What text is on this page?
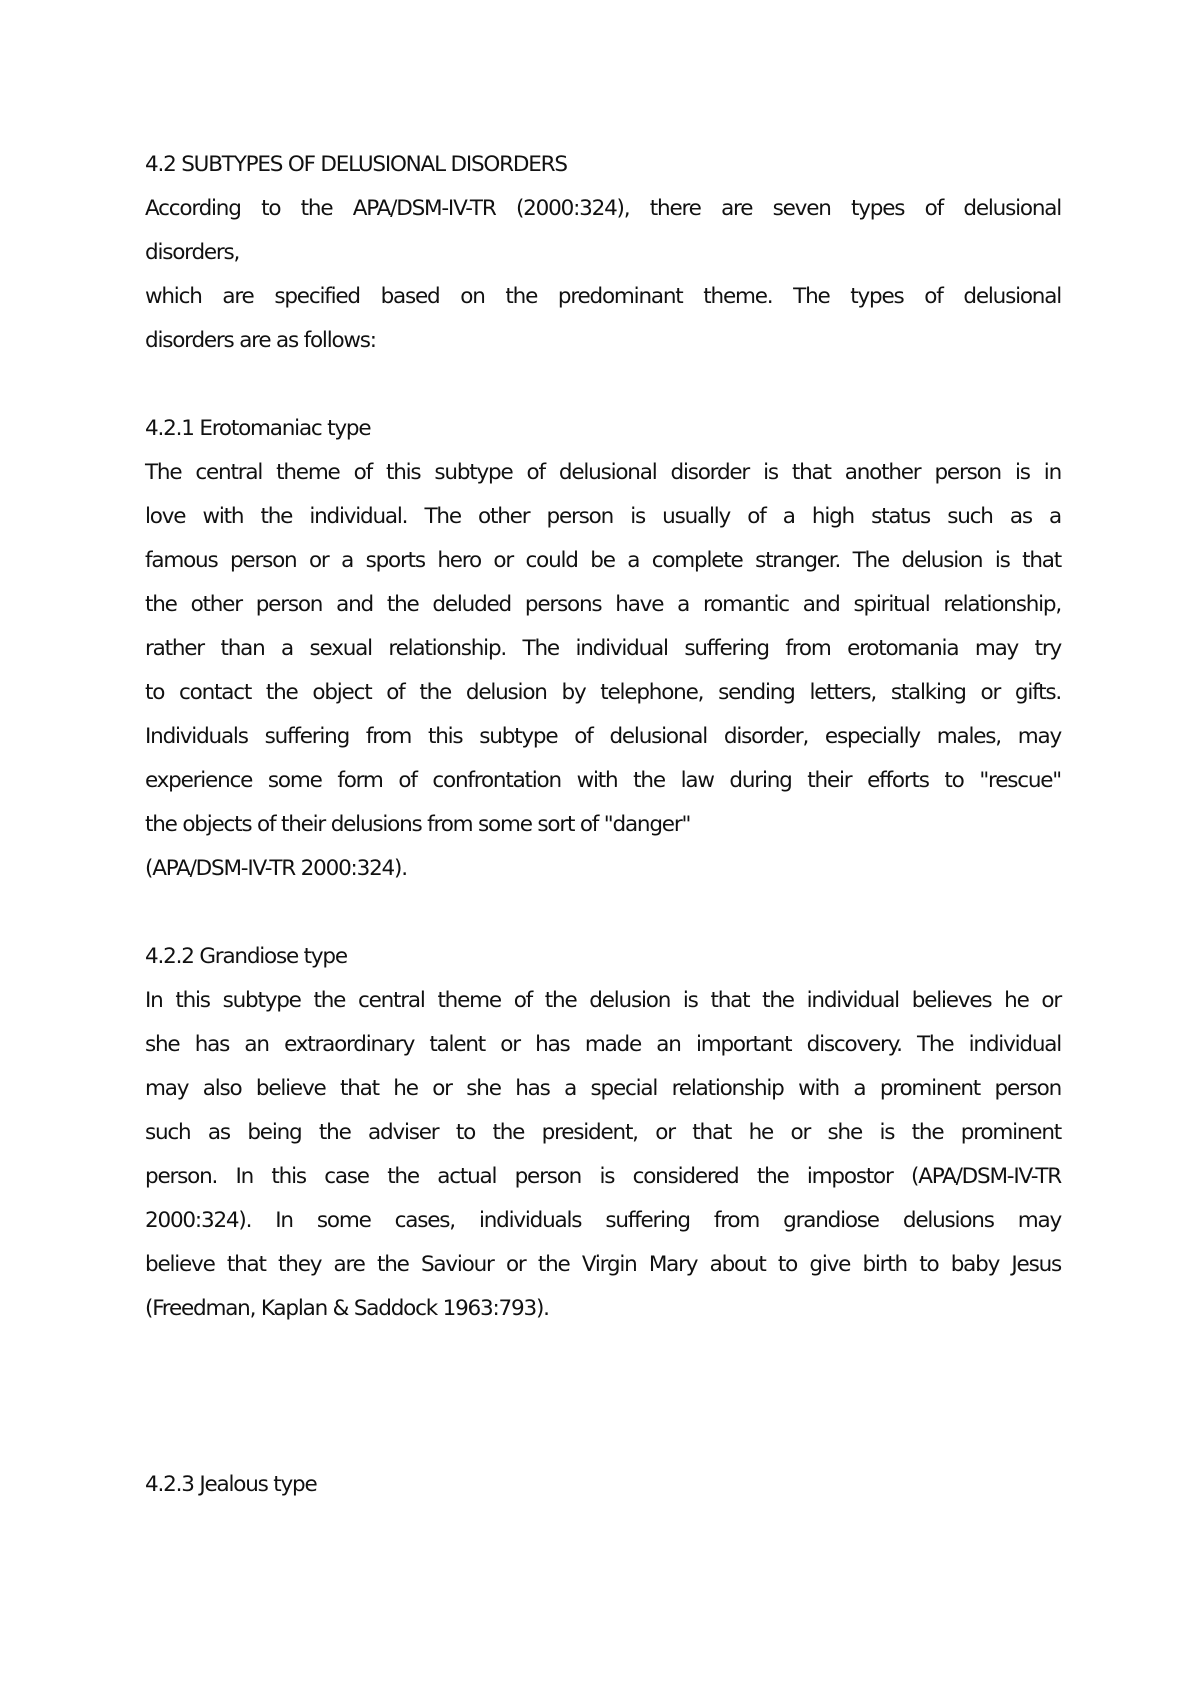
4.2 SUBTYPES OF DELUSIONAL DISORDERS
According to the APA/DSM-IV-TR (2000:324), there are seven types of delusional
disorders,
which are specified based on the predominant theme. The types of delusional
disorders are as follows:
4.2.1 Erotomaniac type
The central theme of this subtype of delusional disorder is that another person is in
love with the individual. The other person is usually of a high status such as a
famous person or a sports hero or could be a complete stranger. The delusion is that
the other person and the deluded persons have a romantic and spiritual relationship,
rather than a sexual relationship. The individual suffering from erotomania may try
to contact the object of the delusion by telephone, sending letters, stalking or gifts.
Individuals suffering from this subtype of delusional disorder, especially males, may
experience some form of confrontation with the law during their efforts to "rescue"
the objects of their delusions from some sort of "danger"
(APA/DSM-IV-TR 2000:324).
4.2.2 Grandiose type
In this subtype the central theme of the delusion is that the individual believes he or
she has an extraordinary talent or has made an important discovery. The individual
may also believe that he or she has a special relationship with a prominent person
such as being the adviser to the president, or that he or she is the prominent
person. In this case the actual person is considered the impostor (APA/DSM-IV-TR
2000:324). In some cases, individuals suffering from grandiose delusions may
believe that they are the Saviour or the Virgin Mary about to give birth to baby Jesus
(Freedman, Kaplan & Saddock 1963:793).
4.2.3 Jealous type
